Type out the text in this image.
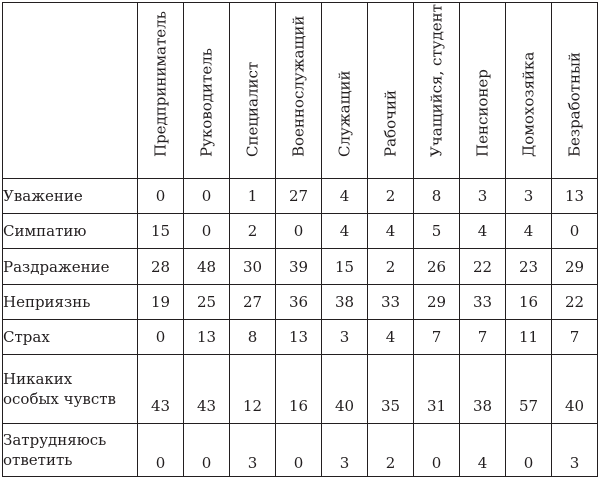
	Предприниматель	Руководитель	Специалист	Военнослужащий	Служащий	Рабочий	Учащийся, студент	Пенсионер	Домохозяйка	Безработный

Уважение	0	0	1	27	4	2	8	3	3	13

Симпатию	15	0	2	0	4	4	5	4	4	0

Раздражение	28	48	30	39	15	2	26	22	23	29

Неприязнь	19	25	27	36	38	33	29	33	16	22

Страх	0	13	8	13	3	4	7	7	11	7

Никаких
особых чувств	43	43	12	16	40	35	31	38	57	40

Затрудняюсь
ответить	0	0	3	0	3	2	0	4	0	3
